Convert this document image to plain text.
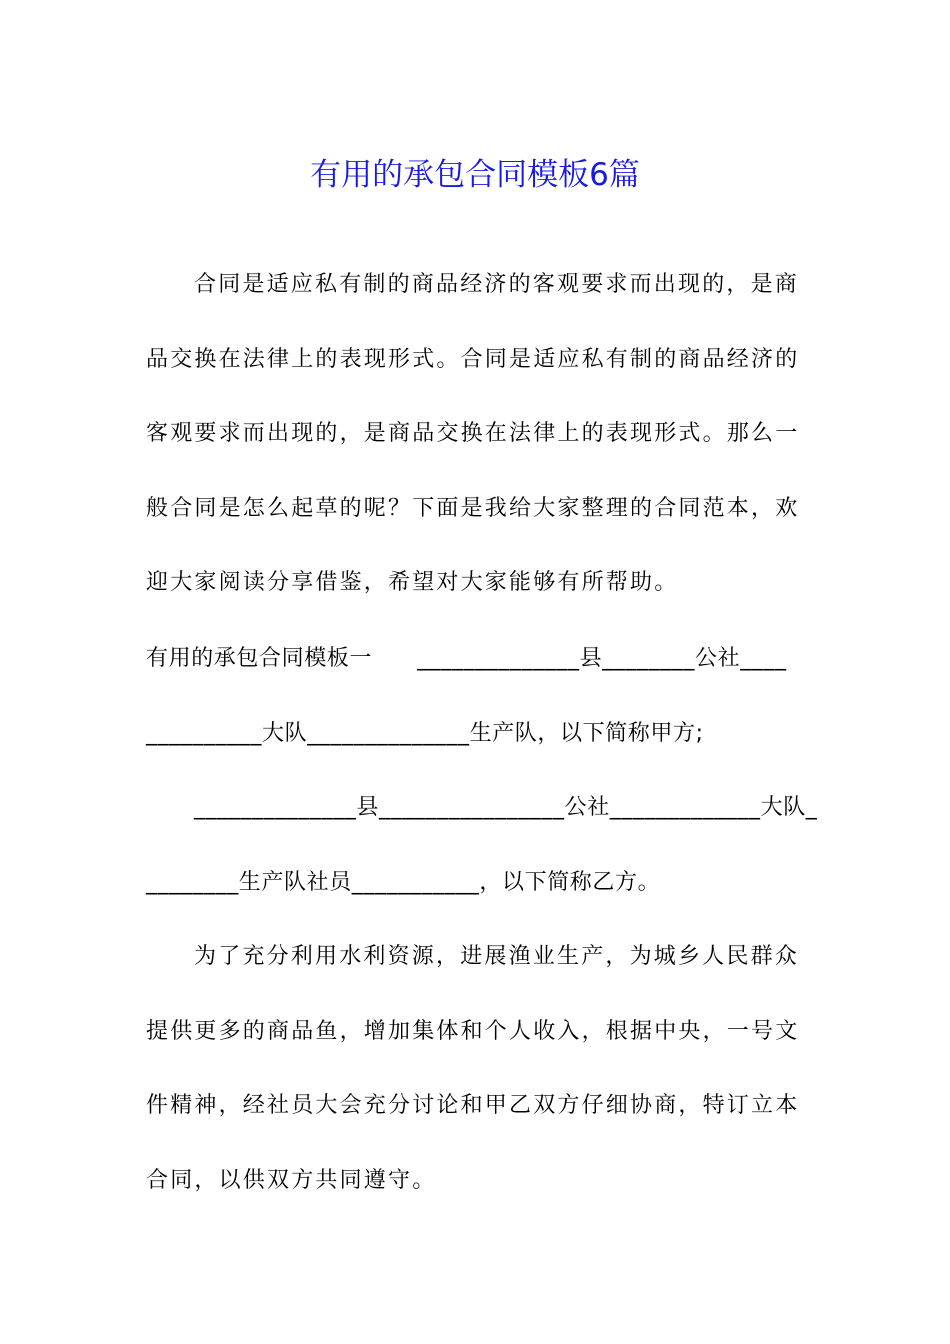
有用的承包合同模板6篇
合同是适应私有制的商品经济的客观要求而出现的，是商
品交换在法律上的表现形式。合同是适应私有制的商品经济的
客观要求而出现的，是商品交换在法律上的表现形式。那么一
般合同是怎么起草的呢？下面是我给大家整理的合同范本，欢
迎大家阅读分享借鉴，希望对大家能够有所帮助。
有用的承包合同模板一　　______________县________公社____
__________大队______________生产队，以下简称甲方;
______________县________________公社_____________大队_
________生产队社员___________，以下简称乙方。
为了充分利用水利资源，进展渔业生产，为城乡人民群众
提供更多的商品鱼，增加集体和个人收入，根据中央，一号文
件精神，经社员大会充分讨论和甲乙双方仔细协商，特订立本
合同，以供双方共同遵守。
